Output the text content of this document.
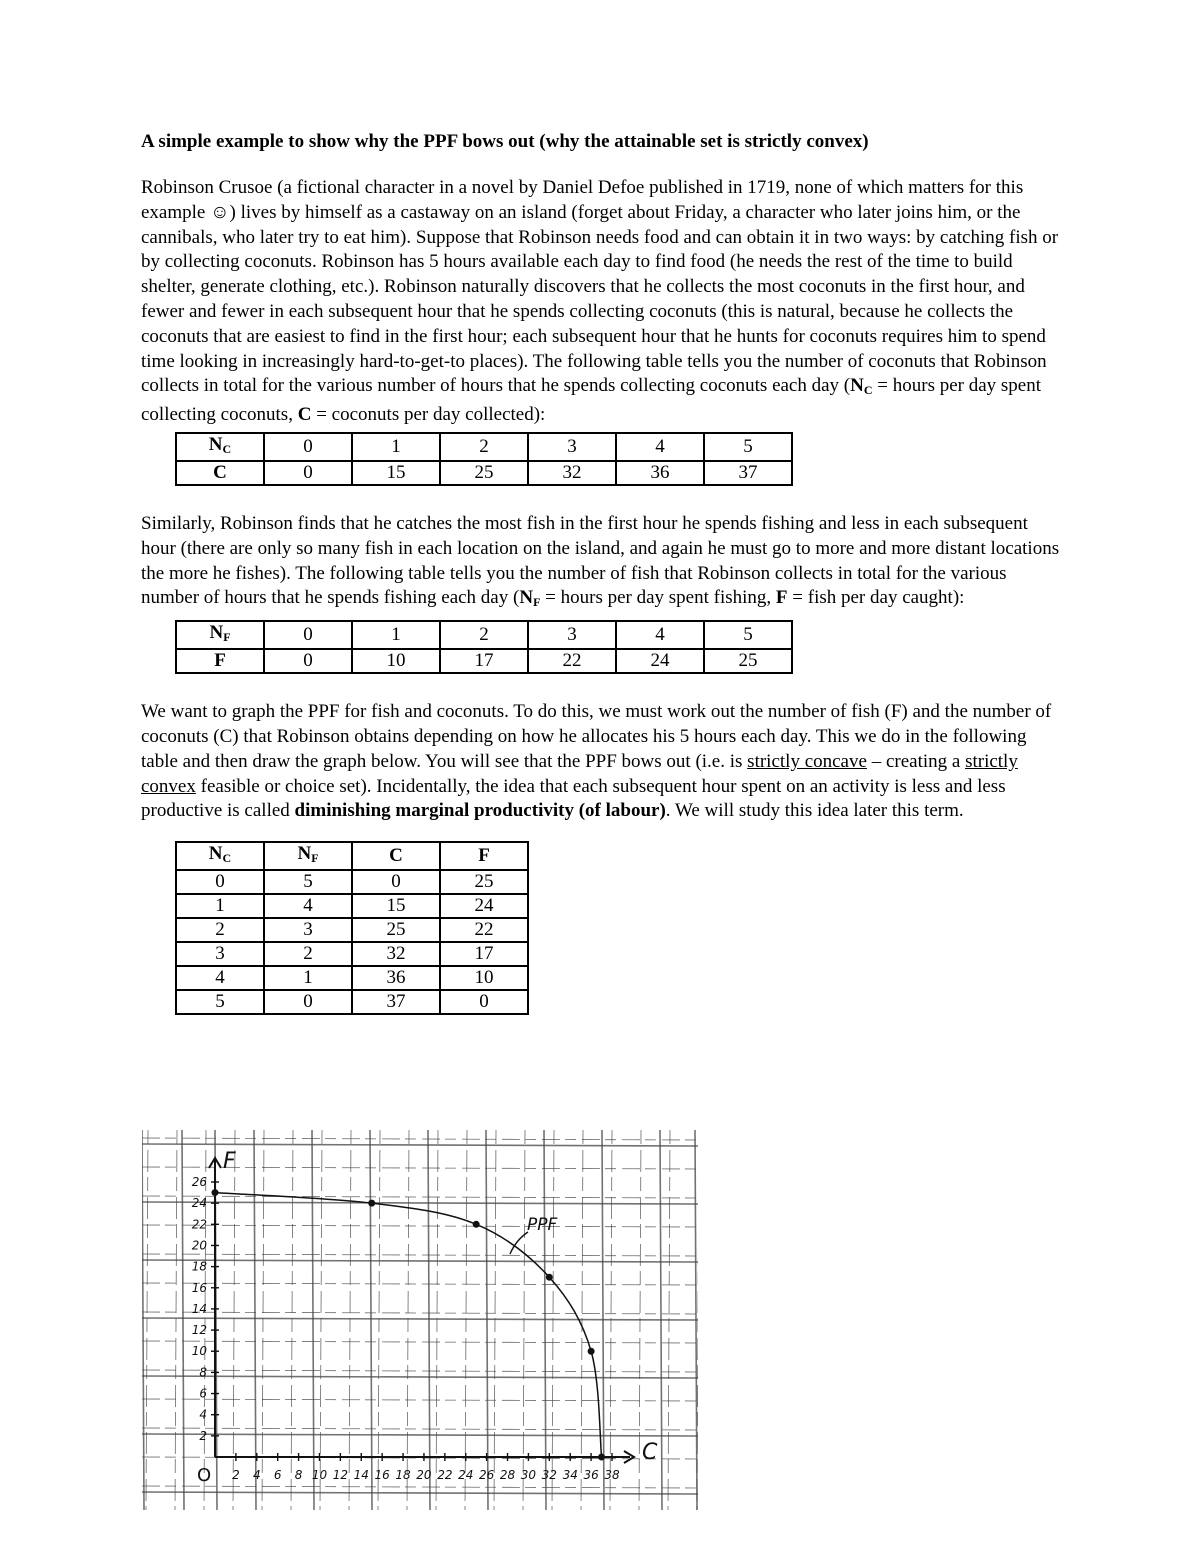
A simple example to show why the PPF bows out (why the attainable set is strictly convex)

Robinson Crusoe (a fictional character in a novel by Daniel Defoe published in 1719, none of which matters for this example ☺) lives by himself as a castaway on an island (forget about Friday, a character who later joins him, or the cannibals, who later try to eat him). Suppose that Robinson needs food and can obtain it in two ways: by catching fish or by collecting coconuts. Robinson has 5 hours available each day to find food (he needs the rest of the time to build shelter, generate clothing, etc.). Robinson naturally discovers that he collects the most coconuts in the first hour, and fewer and fewer in each subsequent hour that he spends collecting coconuts (this is natural, because he collects the coconuts that are easiest to find in the first hour; each subsequent hour that he hunts for coconuts requires him to spend time looking in increasingly hard-to-get-to places). The following table tells you the number of coconuts that Robinson collects in total for the various number of hours that he spends collecting coconuts each day ($N_C$ = hours per day spent collecting coconuts, C = coconuts per day collected):

$N_C$	0	1	2	3	4	5
C	0	15	25	32	36	37

Similarly, Robinson finds that he catches the most fish in the first hour he spends fishing and less in each subsequent hour (there are only so many fish in each location on the island, and again he must go to more and more distant locations the more he fishes). The following table tells you the number of fish that Robinson collects in total for the various number of hours that he spends fishing each day ($N_F$ = hours per day spent fishing, F = fish per day caught):

$N_F$	0	1	2	3	4	5
F	0	10	17	22	24	25

We want to graph the PPF for fish and coconuts. To do this, we must work out the number of fish (F) and the number of coconuts (C) that Robinson obtains depending on how he allocates his 5 hours each day. This we do in the following table and then draw the graph below. You will see that the PPF bows out (i.e. is strictly concave – creating a strictly convex feasible or choice set). Incidentally, the idea that each subsequent hour spent on an activity is less and less productive is called diminishing marginal productivity (of labour). We will study this idea later this term.

$N_C$	$N_F$	C	F
0	5	0	25
1	4	15	24
2	3	25	22
3	2	32	17
4	1	36	10
5	0	37	0
2 4 6 8 10 12 14 16 18 20 22 24 26 28 30 32 34 36 38
2
4
6
8
10
12
14
16
18
20
22
24
26
C
F
O
PPF
